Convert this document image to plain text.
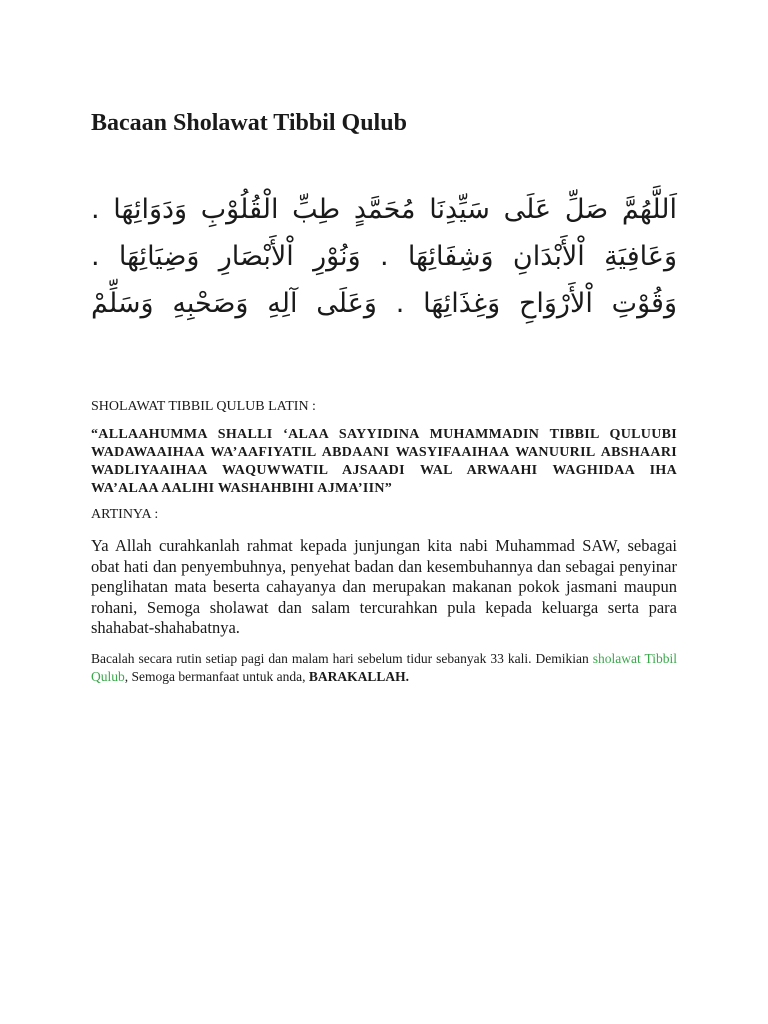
Bacaan Sholawat Tibbil Qulub
اَللَّهُمَّ صَلِّ عَلَى سَيِّدِنَا مُحَمَّدٍ طِبِّ الْقُلُوْبِ وَدَوَائِهَا .
وَعَافِيَةِ اْلأَبْدَانِ وَشِفَائِهَا . وَنُوْرِ اْلأَبْصَارِ وَضِيَائِهَا .
وَقُوْتِ اْلأَرْوَاحِ وَغِذَائِهَا . وَعَلَى آلِهِ وَصَحْبِهِ وَسَلِّمْ
SHOLAWAT TIBBIL QULUB LATIN :
“ALLAAHUMMA SHALLI ‘ALAA SAYYIDINA MUHAMMADIN TIBBIL QULUUBI WADAWAAIHAA WA’AAFIYATIL ABDAANI WASYIFAAIHAA WANUURIL ABSHAARI WADLIYAAIHAA WAQUWWATIL AJSAADI WAL ARWAAHI WAGHIDAA IHA WA’ALAA AALIHI WASHAHBIHI AJMA’IIN”
ARTINYA :
Ya Allah curahkanlah rahmat kepada junjungan kita nabi Muhammad SAW, sebagai obat hati dan penyembuhnya, penyehat badan dan kesembuhannya dan sebagai penyinar penglihatan mata beserta cahayanya dan merupakan makanan pokok jasmani maupun rohani, Semoga sholawat dan salam tercurahkan pula kepada keluarga serta para shahabat-shahabatnya.
Bacalah secara rutin setiap pagi dan malam hari sebelum tidur sebanyak 33 kali. Demikian sholawat Tibbil Qulub, Semoga bermanfaat untuk anda, BARAKALLAH.
